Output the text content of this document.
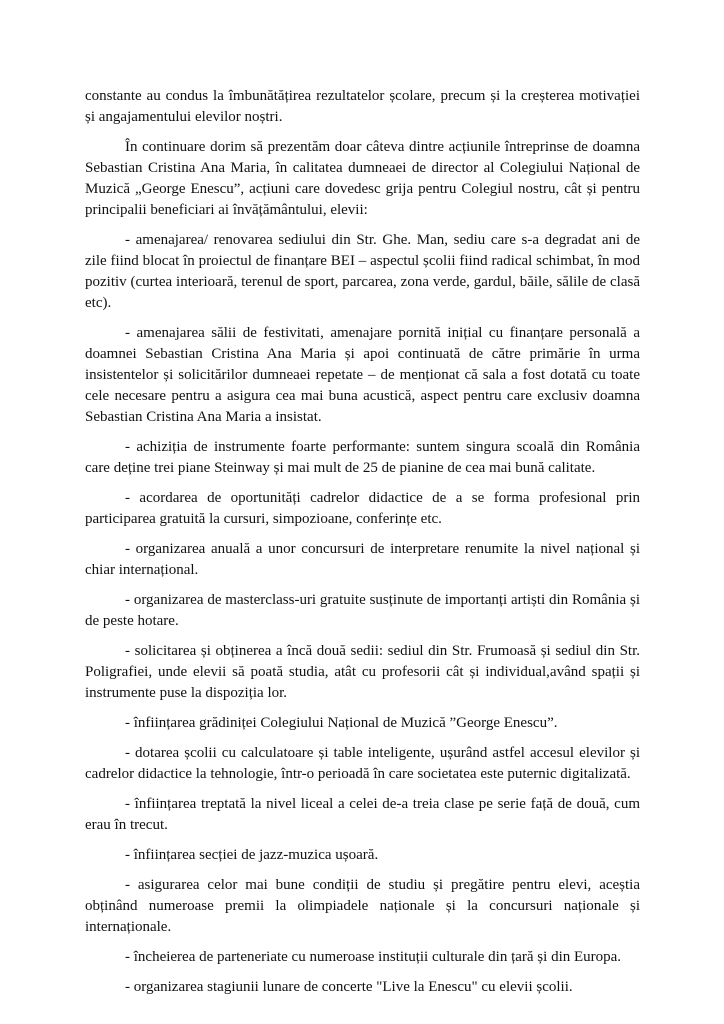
constante au condus la îmbunătățirea rezultatelor școlare, precum și la creșterea motivației și angajamentului elevilor noștri.

În continuare dorim să prezentăm doar câteva dintre acțiunile întreprinse de doamna Sebastian Cristina Ana Maria, în calitatea dumneaei de director al Colegiului Național de Muzică „George Enescu”, acțiuni care dovedesc grija pentru Colegiul nostru, cât și pentru principalii beneficiari ai învățământului, elevii:

- amenajarea/ renovarea sediului din Str. Ghe. Man, sediu care s-a degradat ani de zile fiind blocat în proiectul de finanțare BEI – aspectul școlii fiind radical schimbat, în mod pozitiv (curtea interioară, terenul de sport, parcarea, zona verde, gardul, băile, sălile de clasă etc).

- amenajarea sălii de festivitati, amenajare pornită inițial cu finanțare personală a doamnei Sebastian Cristina Ana Maria și apoi continuată de către primărie în urma insistentelor și solicitărilor dumneaei repetate – de menționat că sala a fost dotată cu toate cele necesare pentru a asigura cea mai buna acustică, aspect pentru care exclusiv doamna Sebastian Cristina Ana Maria a insistat.

- achiziția de instrumente foarte performante: suntem singura scoală din România care deține trei piane Steinway și mai mult de 25 de pianine de cea mai bună calitate.

- acordarea de oportunități cadrelor didactice de a se forma profesional prin participarea gratuită la cursuri, simpozioane, conferințe etc.

- organizarea anuală a unor concursuri de interpretare renumite la nivel național și chiar internațional.

- organizarea de masterclass-uri gratuite susținute de importanți artiști din România și de peste hotare.

- solicitarea și obținerea a încă două sedii: sediul din Str. Frumoasă și sediul din Str. Poligrafiei, unde elevii să poată studia, atât cu profesorii cât și individual,având spații și instrumente puse la dispoziția lor.

- înființarea grădiniței Colegiului Național de Muzică ”George Enescu”.

- dotarea școlii cu calculatoare și table inteligente, ușurând astfel accesul elevilor și cadrelor didactice la tehnologie, într-o perioadă în care societatea este puternic digitalizată.

- înființarea treptată la nivel liceal a celei de-a treia clase pe serie față de două, cum erau în trecut.

- înființarea secției de jazz-muzica ușoară.

- asigurarea celor mai bune condiții de studiu și pregătire pentru elevi, aceștia obținând numeroase premii la olimpiadele naționale și la concursuri naționale și internaționale.

- încheierea de parteneriate cu numeroase instituții culturale din țară și din Europa.

- organizarea stagiunii lunare de concerte "Live la Enescu" cu elevii școlii.
